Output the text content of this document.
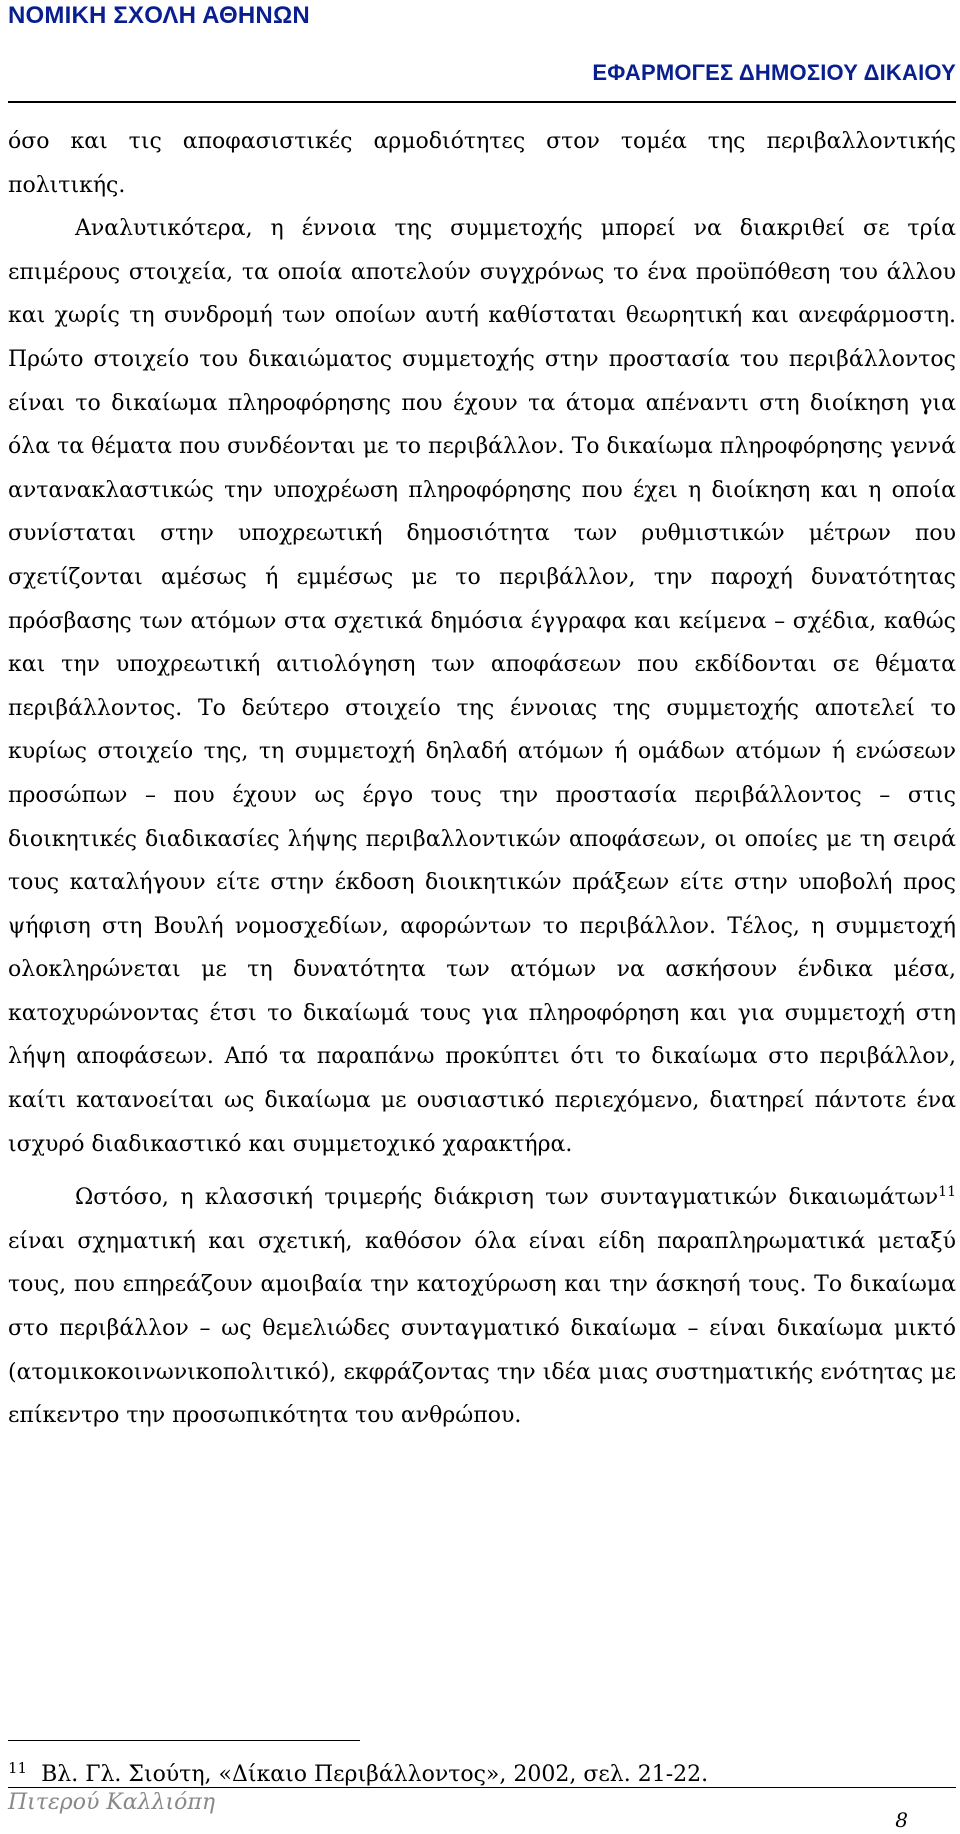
ΝΟΜΙΚΗ ΣΧΟΛΗ ΑΘΗΝΩΝ
ΕΦΑΡΜΟΓΕΣ ΔΗΜΟΣΙΟΥ ΔΙΚΑΙΟΥ

όσο και τις αποφασιστικές αρμοδιότητες στον τομέα της περιβαλλοντικής πολιτικής.

Αναλυτικότερα, η έννοια της συμμετοχής μπορεί να διακριθεί σε τρία επιμέρους στοιχεία, τα οποία αποτελούν συγχρόνως το ένα προϋπόθεση του άλλου και χωρίς τη συνδρομή των οποίων αυτή καθίσταται θεωρητική και ανεφάρμοστη. Πρώτο στοιχείο του δικαιώματος συμμετοχής στην προστασία του περιβάλλοντος είναι το δικαίωμα πληροφόρησης που έχουν τα άτομα απέναντι στη διοίκηση για όλα τα θέματα που συνδέονται με το περιβάλλον. Το δικαίωμα πληροφόρησης γεννά αντανακλαστικώς την υποχρέωση πληροφόρησης που έχει η διοίκηση και η οποία συνίσταται στην υποχρεωτική δημοσιότητα των ρυθμιστικών μέτρων που σχετίζονται αμέσως ή εμμέσως με το περιβάλλον, την παροχή δυνατότητας πρόσβασης των ατόμων στα σχετικά δημόσια έγγραφα και κείμενα – σχέδια, καθώς και την υποχρεωτική αιτιολόγηση των αποφάσεων που εκδίδονται σε θέματα περιβάλλοντος. Το δεύτερο στοιχείο της έννοιας της συμμετοχής αποτελεί το κυρίως στοιχείο της, τη συμμετοχή δηλαδή ατόμων ή ομάδων ατόμων ή ενώσεων προσώπων – που έχουν ως έργο τους την προστασία περιβάλλοντος – στις διοικητικές διαδικασίες λήψης περιβαλλοντικών αποφάσεων, οι οποίες με τη σειρά τους καταλήγουν είτε στην έκδοση διοικητικών πράξεων είτε στην υποβολή προς ψήφιση στη Βουλή νομοσχεδίων, αφορώντων το περιβάλλον. Τέλος, η συμμετοχή ολοκληρώνεται με τη δυνατότητα των ατόμων να ασκήσουν ένδικα μέσα, κατοχυρώνοντας έτσι το δικαίωμά τους για πληροφόρηση και για συμμετοχή στη λήψη αποφάσεων. Από τα παραπάνω προκύπτει ότι το δικαίωμα στο περιβάλλον, καίτι κατανοείται ως δικαίωμα με ουσιαστικό περιεχόμενο, διατηρεί πάντοτε ένα ισχυρό διαδικαστικό και συμμετοχικό χαρακτήρα.

Ωστόσο, η κλασσική τριμερής διάκριση των συνταγματικών δικαιωμάτων$^{11}$ είναι σχηματική και σχετική, καθόσον όλα είναι είδη παραπληρωματικά μεταξύ τους, που επηρεάζουν αμοιβαία την κατοχύρωση και την άσκησή τους. Το δικαίωμα στο περιβάλλον – ως θεμελιώδες συνταγματικό δικαίωμα – είναι δικαίωμα μικτό (ατομικοκοινωνικοπολιτικό), εκφράζοντας την ιδέα μιας συστηματικής ενότητας με επίκεντρο την προσωπικότητα του ανθρώπου.

$^{11}$ Βλ. Γλ. Σιούτη, «Δίκαιο Περιβάλλοντος», 2002, σελ. 21-22.
Πιτερού Καλλιόπη
8
